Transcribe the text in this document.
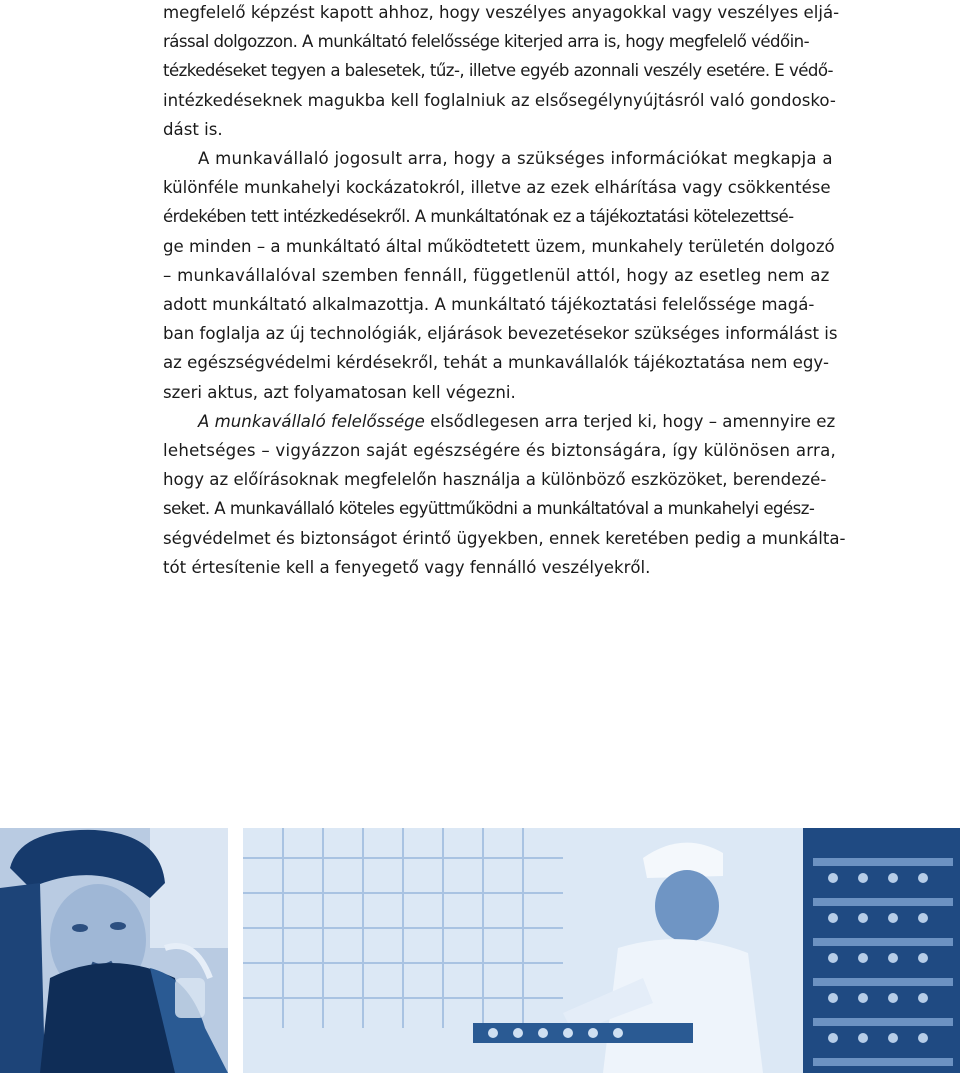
megfelelő képzést kapott ahhoz, hogy veszélyes anyagokkal vagy veszélyes eljá-
rással dolgozzon. A munkáltató felelőssége kiterjed arra is, hogy megfelelő védőin-
tézkedéseket tegyen a balesetek, tűz-, illetve egyéb azonnali veszély esetére. E védő-
intézkedéseknek magukba kell foglalniuk az elsősegélynyújtásról való gondosko-
dást is.

A munkavállaló jogosult arra, hogy a szükséges információkat megkapja a
különféle munkahelyi kockázatokról, illetve az ezek elhárítása vagy csökkentése
érdekében tett intézkedésekről. A munkáltatónak ez a tájékoztatási kötelezettsé-
ge minden – a munkáltató által működtetett üzem, munkahely területén dolgozó
– munkavállalóval szemben fennáll, függetlenül attól, hogy az esetleg nem az
adott munkáltató alkalmazottja. A munkáltató tájékoztatási felelőssége magá-
ban foglalja az új technológiák, eljárások bevezetésekor szükséges informálást is
az egészségvédelmi kérdésekről, tehát a munkavállalók tájékoztatása nem egy-
szeri aktus, azt folyamatosan kell végezni.

A munkavállaló felelőssége elsődlegesen arra terjed ki, hogy – amennyire ez
lehetséges – vigyázzon saját egészségére és biztonságára, így különösen arra,
hogy az előírásoknak megfelelőn használja a különböző eszközöket, berendezé-
seket. A munkavállaló köteles együttműködni a munkáltatóval a munkahelyi egész-
ségvédelmet és biztonságot érintő ügyekben, ennek keretében pedig a munkálta-
tót értesítenie kell a fenyegető vagy fennálló veszélyekről.
